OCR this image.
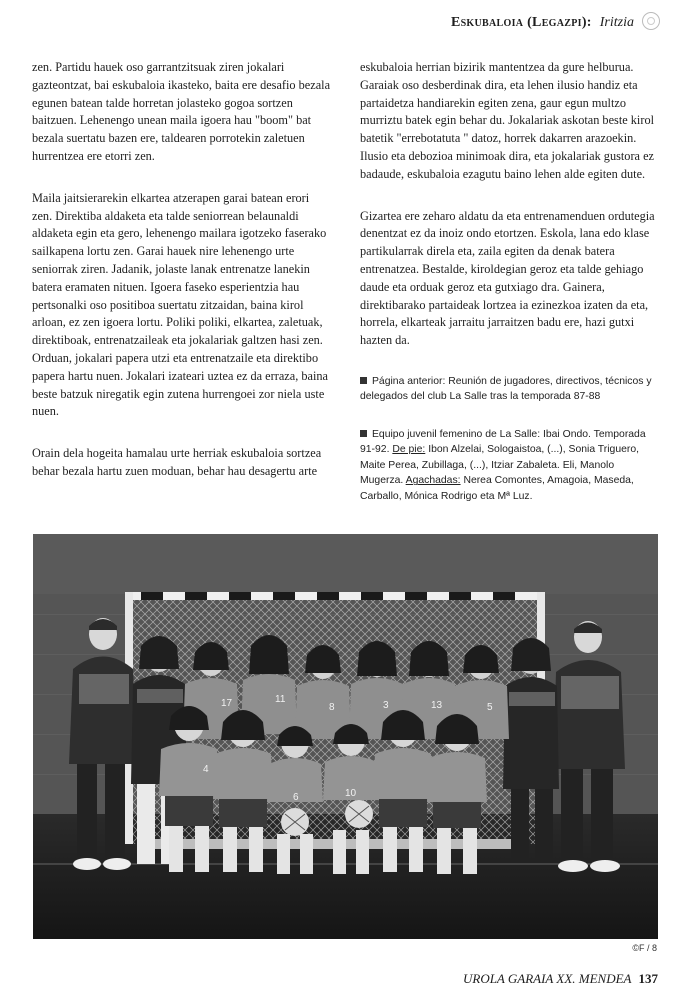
Eskubaloia (Legazpi): Iritzia

zen. Partidu hauek oso garrantzitsuak ziren jokalari gazteontzat, bai eskubaloia ikasteko, baita ere desafio bezala egunen batean talde horretan jolasteko gogoa sortzen baitzuen. Lehenengo unean maila igoera hau "boom" bat bezala suertatu bazen ere, taldearen porrotekin zaletuen hurrentzea ere etorri zen.

Maila jaitsierarekin elkartea atzerapen garai batean erori zen. Direktiba aldaketa eta talde seniorrean belaunaldi aldaketa egin eta gero, lehenengo mailara igotzeko faserako sailkapena lortu zen. Garai hauek nire lehenengo urte seniorrak ziren. Jadanik, jolaste lanak entrenatze lanekin batera eramaten nituen. Igoera faseko esperientzia hau pertsonalki oso positiboa suertatu zitzaidan, baina kirol arloan, ez zen igoera lortu. Poliki poliki, elkartea, zaletuak, direktiboak, entrenatzaileak eta jokalariak galtzen hasi zen. Orduan, jokalari papera utzi eta entrenatzaile eta direktibo papera hartu nuen. Jokalari izateari uztea ez da erraza, baina beste batzuk niregatik egin zutena hurrengoei zor niela uste nuen.

Orain dela hogeita hamalau urte herriak eskubaloia sortzea behar bezala hartu zuen moduan, behar hau desagertu arte

eskubaloia herrian bizirik mantentzea da gure helburua. Garaiak oso desberdinak dira, eta lehen ilusio handiz eta partaidetza handiarekin egiten zena, gaur egun multzo murriztu batek egin behar du. Jokalariak askotan beste kirol batetik "errebotatuta " datoz, horrek dakarren arazoekin. Ilusio eta debozioa minimoak dira, eta jokalariak gustora ez badaude, eskubaloia ezagutu baino lehen alde egiten dute.

Gizartea ere zeharo aldatu da eta entrenamenduen ordutegia denentzat ez da inoiz ondo etortzen. Eskola, lana edo klase partikularrak direla eta, zaila egiten da denak batera entrenatzea. Bestalde, kiroldegian geroz eta talde gehiago daude eta orduak geroz eta gutxiago dra. Gainera, direktibarako partaideak lortzea ia ezinezkoa izaten da eta, horrela, elkarteak jarraitu jarraitzen badu ere, hazi gutxi hazten da.

Página anterior: Reunión de jugadores, directivos, técnicos y delegados del club La Salle tras la temporada 87-88
Equipo juvenil femenino de La Salle: Ibai Ondo. Temporada 91-92. De pie: Ibon Alzelai, Sologaistoa, (...), Sonia Triguero, Maite Perea, Zubillaga, (...), Itziar Zabaleta. Eli, Manolo Mugerza. Agachadas: Nerea Comontes, Amagoia, Maseda, Carballo, Mónica Rodrigo eta Mª Luz.
17	11
8	3	13	5
4
6	10
©F / 8
UROLA GARAIA XX. MENDEA 137
